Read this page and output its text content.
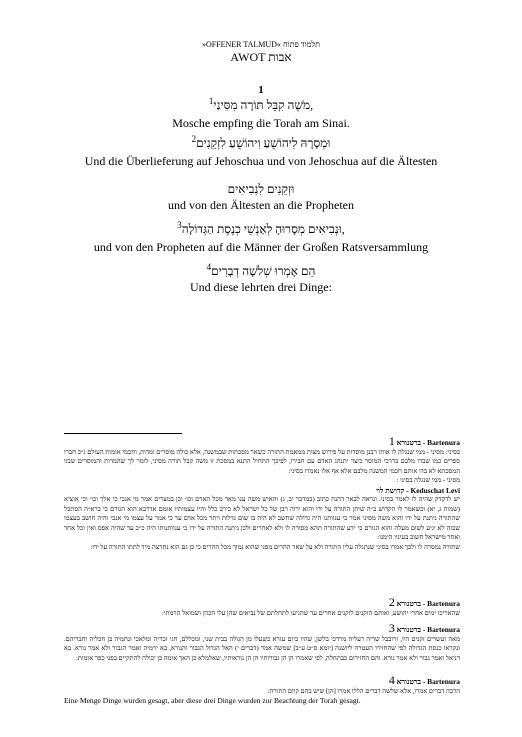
»OFFENER TALMUD« תלמוד פתוח
AWOT אבות
1
מֹשֶׁה קִבֵּל תּוֹרָה מִסִּינַי$^1$	,
Mosche empfing die Torah am Sinai.
וּמְסָרָהּ לִיהוֹשֻׁעַ וִיהוֹשֻׁעַ לִזְקֵנִים$^2$
Und die Überlieferung auf Jehoschua und von Jehoschua auf die Ältesten
וּזְקֵנִים לִנְבִיאִים
und von den Ältesten an die Propheten
וּנְבִיאִים מְסָרוּהָ לְאַנְשֵׁי כְנֶסֶת הַגְּדוֹלָה$^3$	,
und von den Propheten auf die Männer der Großen Ratsversammlung
הֵם אָמְרוּ שְׁלֹשָׁה דְבָרִים$^4$
Und diese lehrten drei Dinge:
Bartenura - ברטנורא 1
בסיני: מסיני - ממי שנגלה לו אותו רבנן מוסדות על פירוש מצות ממאמת התורה כשאר מסכתות שבמשנה, אלא כולה מוסרים ומדות, וחכמי אומות העולם ג״כ חברו ספרים כמו שבדו מלבם בדרכי המוסר כיצד יתנהג האדם עם חבירו, לפיכך התחיל התנא במסכת זו משה קבל תורה מסיני, לומר לך שהמדות והמוסרים שבזו המסכתא לא בדו אותם חכמי המשנה מלבם אלא אף אלו נאמרו בסיני:
מסיני - ממי שנגלה בסיני :
Keduschat Levi - קדושת לוי
יש לדקדק שהיה לו לאמר בסיני. ונראה לבאר דהנה כתוב (במדבר יב, ג) והאיש משה ענו מאד מכל האדם וכו׳ וכן במצרים אמר מי אנכי כי אלך וכו׳ וכי אוציא (שמות ג, יא) וכשאמר לו הקדוש ב״ה שיתן התורה על ידו והוא ירוה רבן של כל ישראל לא כירב כלל והיו עצמותיו אומם אדרבא הוא הגורם כי ברא״ה הסתכל שהתורה ניתנת על ידו והוא משה מסיני אמר כי ענוותנו היה גדולה שחשב לא היה בו שום גדלות ויתר מכל אדם עד כי אמר על עצמו מי אנכי והיה חושב בעצמו שבזה לא יגיע לשום מעלה והוא הגורם כי ידע שהתורה תהא מסורה לו ולא לאחרים ולכן ניתנה התורה על ידו כי ענוותנותו היה כ״כ עד שהיה אפס ואין וכל אחד ואחד מישראל חשוב בעיניו הימנו:
שתורה נמסרה לו ולכך אמרו בסיני שנתגלה עליו התורה ולא על שאר ההרים מפני שהוא נמוך מכל ההרים כי כן גם הוא נתרצה מיד לתתו התורה על ידו:
Bartenura - ברטנורא 2
שהאריכו ימים אחרי יהושע, ואותם הזקנים לזקנים אחרים עד שהגיעו לתחלתם של נביאים שהן עלי הכהן ושמואל הרמתי:
Bartenura - ברטנורא 3
מאה ועשרים זקנים היו, זרובבל שריה רעליה מרדכי בלשן, שהיו ביום עזרא כשעלו מן הגולה בבית שני, ומכללם, חגי זכריה ומלאכי ונחמיה בן חכליה וחבריהם. ונקראו כנסת הגדולה לפי שהחזירו העטרה ליושנה [יומא ס״ט ע״ב] שמשה אמר (דברים י) האל הגדול הגבור והנורא, בא ירמיה ואמר הגבור ולא אמר נורא. בא דניאל ואמר גבור ולא אמר נורא. והם החזירום כבתחלה, לפי שאמרו הן הן גבורותיו הן הן נוראותיו, שאלמלא כן האך אומה כן יכולה להתקיים בפני כפר אומות:
Bartenura - ברטנורא 4
הרבה דברים אמרו, אלא שלשה דברים הללו אמרו [הן] שיש בהם קיום התורה:
Eine Menge Dinge wurden gesagt, aber diese drei Dinge wurden zur Beachtung der Torah gesagt.
